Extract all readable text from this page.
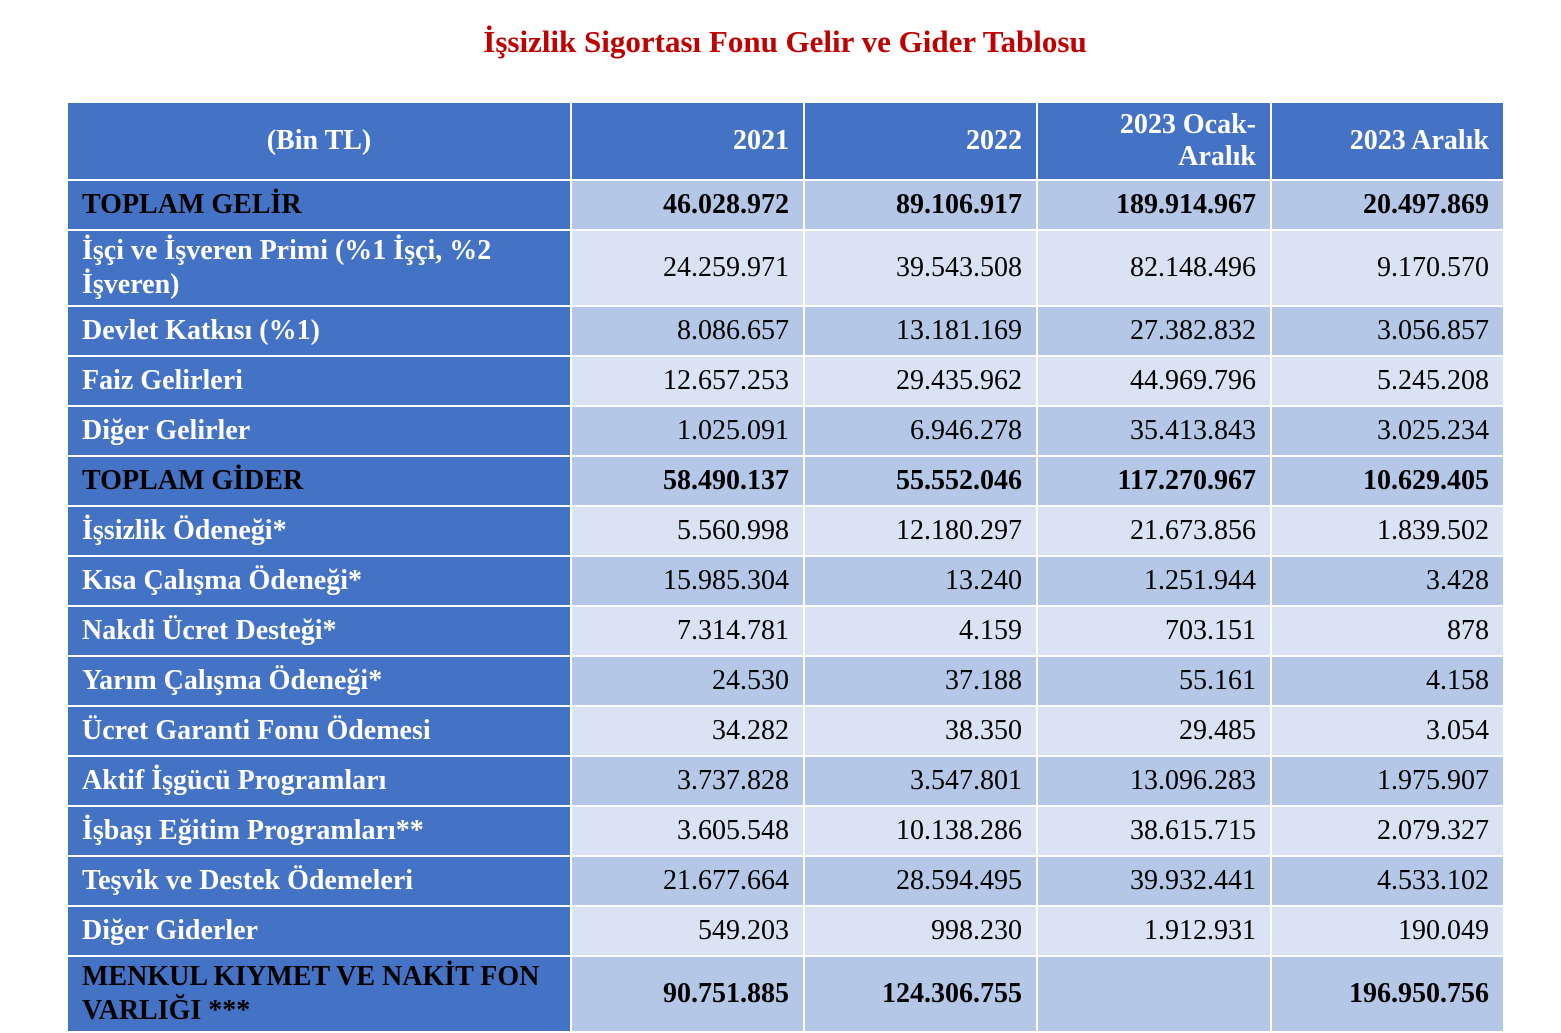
İşsizlik Sigortası Fonu Gelir ve Gider Tablosu
(Bin TL)	2021	2022	2023 Ocak-Aralık	2023 Aralık
TOPLAM GELİR	46.028.972	89.106.917	189.914.967	20.497.869
İşçi ve İşveren Primi (%1 İşçi, %2 İşveren)	24.259.971	39.543.508	82.148.496	9.170.570
Devlet Katkısı (%1)	8.086.657	13.181.169	27.382.832	3.056.857
Faiz Gelirleri	12.657.253	29.435.962	44.969.796	5.245.208
Diğer Gelirler	1.025.091	6.946.278	35.413.843	3.025.234
TOPLAM GİDER	58.490.137	55.552.046	117.270.967	10.629.405
İşsizlik Ödeneği*	5.560.998	12.180.297	21.673.856	1.839.502
Kısa Çalışma Ödeneği*	15.985.304	13.240	1.251.944	3.428
Nakdi Ücret Desteği*	7.314.781	4.159	703.151	878
Yarım Çalışma Ödeneği*	24.530	37.188	55.161	4.158
Ücret Garanti Fonu Ödemesi	34.282	38.350	29.485	3.054
Aktif İşgücü Programları	3.737.828	3.547.801	13.096.283	1.975.907
İşbaşı Eğitim Programları**	3.605.548	10.138.286	38.615.715	2.079.327
Teşvik ve Destek Ödemeleri	21.677.664	28.594.495	39.932.441	4.533.102
Diğer Giderler	549.203	998.230	1.912.931	190.049
MENKUL KIYMET VE NAKİT FON VARLIĞI ***	90.751.885	124.306.755		196.950.756
